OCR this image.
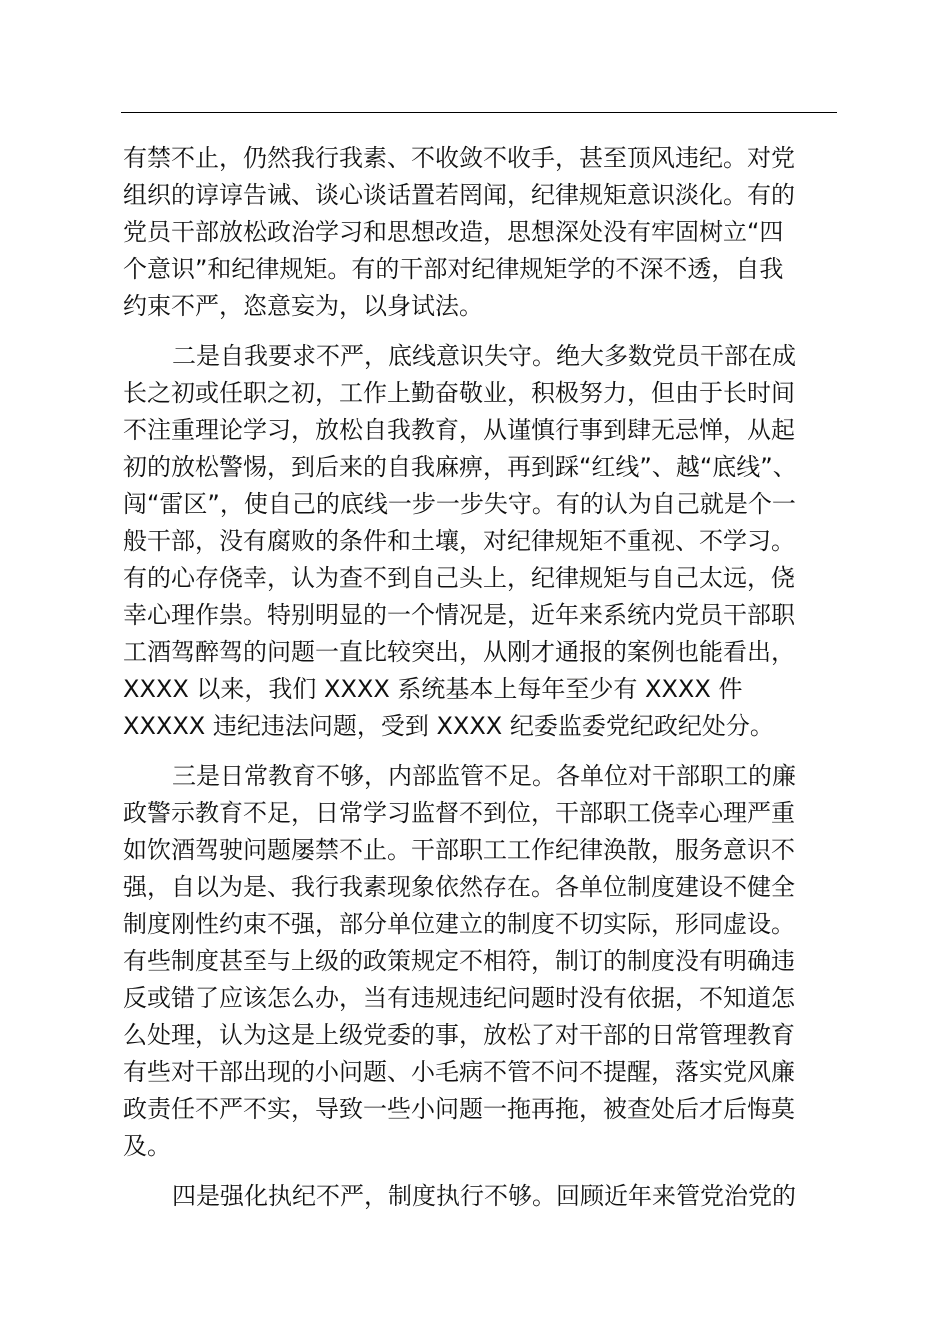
有禁不止，仍然我行我素、不收敛不收手，甚至顶风违纪。对党
组织的谆谆告诫、谈心谈话置若罔闻，纪律规矩意识淡化。有的
党员干部放松政治学习和思想改造，思想深处没有牢固树立“四
个意识”和纪律规矩。有的干部对纪律规矩学的不深不透，自我
约束不严，恣意妄为，以身试法。
二是自我要求不严，底线意识失守。绝大多数党员干部在成
长之初或任职之初，工作上勤奋敬业，积极努力，但由于长时间
不注重理论学习，放松自我教育，从谨慎行事到肆无忌惮，从起
初的放松警惕，到后来的自我麻痹，再到踩“红线”、越“底线”、
闯“雷区”，使自己的底线一步一步失守。有的认为自己就是个一
般干部，没有腐败的条件和土壤，对纪律规矩不重视、不学习。
有的心存侥幸，认为查不到自己头上，纪律规矩与自己太远，侥
幸心理作祟。特别明显的一个情况是，近年来系统内党员干部职
工酒驾醉驾的问题一直比较突出，从刚才通报的案例也能看出，
XXXX 以来，我们 XXXX 系统基本上每年至少有 XXXX 件
XXXXX 违纪违法问题，受到 XXXX 纪委监委党纪政纪处分。
三是日常教育不够，内部监管不足。各单位对干部职工的廉
政警示教育不足，日常学习监督不到位，干部职工侥幸心理严重
如饮酒驾驶问题屡禁不止。干部职工工作纪律涣散，服务意识不
强，自以为是、我行我素现象依然存在。各单位制度建设不健全
制度刚性约束不强，部分单位建立的制度不切实际，形同虚设。
有些制度甚至与上级的政策规定不相符，制订的制度没有明确违
反或错了应该怎么办，当有违规违纪问题时没有依据，不知道怎
么处理，认为这是上级党委的事，放松了对干部的日常管理教育
有些对干部出现的小问题、小毛病不管不问不提醒，落实党风廉
政责任不严不实，导致一些小问题一拖再拖，被查处后才后悔莫
及。
四是强化执纪不严，制度执行不够。回顾近年来管党治党的
